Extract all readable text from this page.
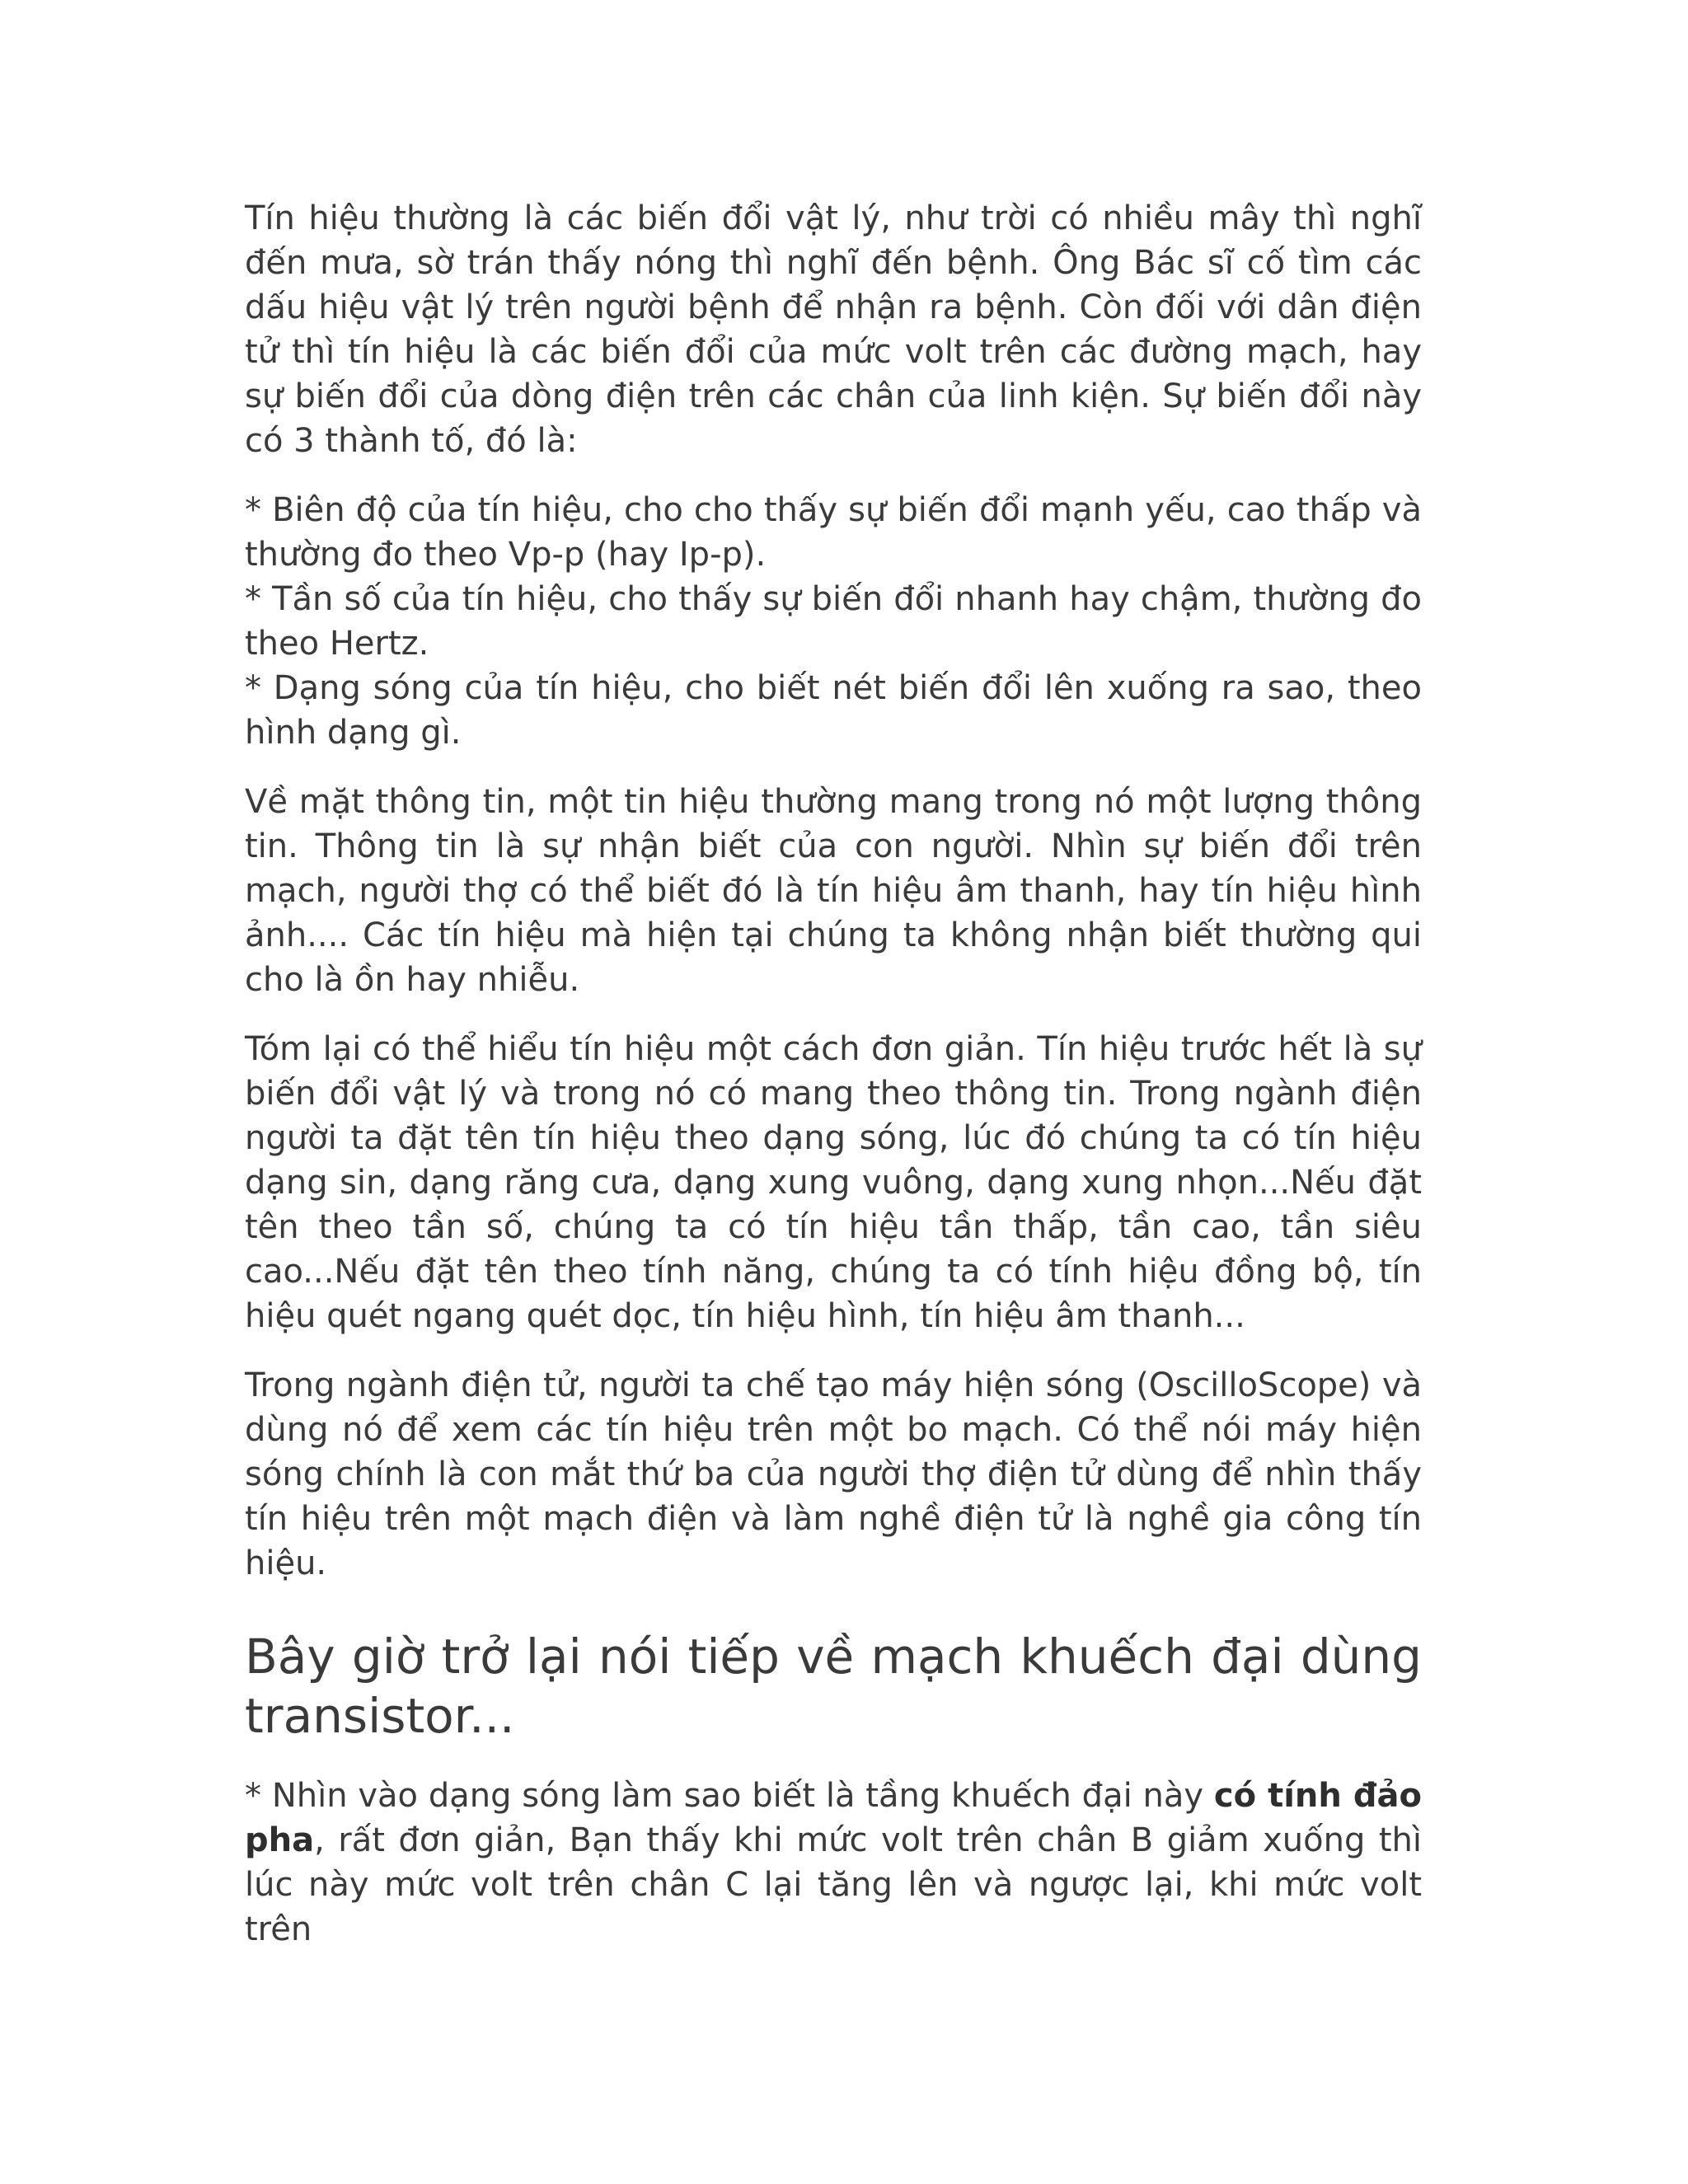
Tín hiệu thường là các biến đổi vật lý, như trời có nhiều mây thì nghĩ đến mưa, sờ trán thấy nóng thì nghĩ đến bệnh. Ông Bác sĩ cố tìm các dấu hiệu vật lý trên người bệnh để nhận ra bệnh. Còn đối với dân điện tử thì tín hiệu là các biến đổi của mức volt trên các đường mạch, hay sự biến đổi của dòng điện trên các chân của linh kiện. Sự biến đổi này có 3 thành tố, đó là:

* Biên độ của tín hiệu, cho cho thấy sự biến đổi mạnh yếu, cao thấp và thường đo theo Vp-p (hay Ip-p).
* Tần số của tín hiệu, cho thấy sự biến đổi nhanh hay chậm, thường đo theo Hertz.
* Dạng sóng của tín hiệu, cho biết nét biến đổi lên xuống ra sao, theo hình dạng gì.

Về mặt thông tin, một tin hiệu thường mang trong nó một lượng thông tin. Thông tin là sự nhận biết của con người. Nhìn sự biến đổi trên mạch, người thợ có thể biết đó là tín hiệu âm thanh, hay tín hiệu hình ảnh.... Các tín hiệu mà hiện tại chúng ta không nhận biết thường qui cho là ồn hay nhiễu.

Tóm lại có thể hiểu tín hiệu một cách đơn giản. Tín hiệu trước hết là sự biến đổi vật lý và trong nó có mang theo thông tin. Trong ngành điện người ta đặt tên tín hiệu theo dạng sóng, lúc đó chúng ta có tín hiệu dạng sin, dạng răng cưa, dạng xung vuông, dạng xung nhọn...Nếu đặt tên theo tần số, chúng ta có tín hiệu tần thấp, tần cao, tần siêu cao...Nếu đặt tên theo tính năng, chúng ta có tính hiệu đồng bộ, tín hiệu quét ngang quét dọc, tín hiệu hình, tín hiệu âm thanh...

Trong ngành điện tử, người ta chế tạo máy hiện sóng (OscilloScope) và dùng nó để xem các tín hiệu trên một bo mạch. Có thể nói máy hiện sóng chính là con mắt thứ ba của người thợ điện tử dùng để nhìn thấy tín hiệu trên một mạch điện và làm nghề điện tử là nghề gia công tín hiệu.

Bây giờ trở lại nói tiếp về mạch khuếch đại dùng transistor...

* Nhìn vào dạng sóng làm sao biết là tầng khuếch đại này có tính đảo pha, rất đơn giản, Bạn thấy khi mức volt trên chân B giảm xuống thì lúc này mức volt trên chân C lại tăng lên và ngược lại, khi mức volt trên
